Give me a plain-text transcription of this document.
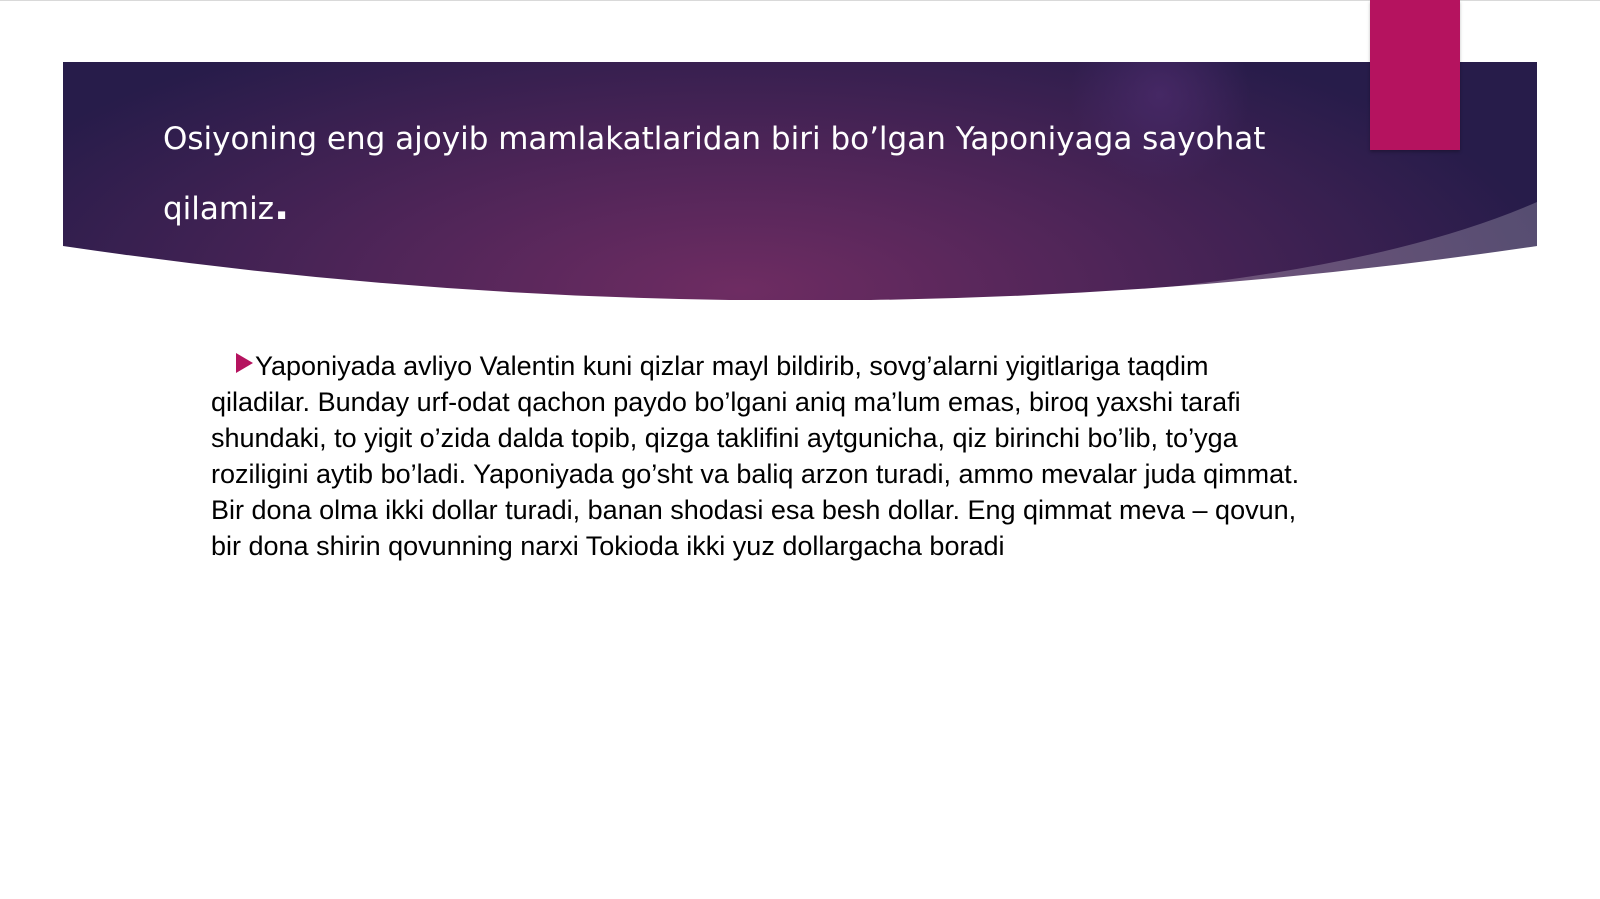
Osiyoning eng ajoyib mamlakatlaridan biri bo’lgan Yaponiyaga sayohat qilamiz.

Yaponiyada avliyo Valentin kuni qizlar mayl bildirib, sovg’alarni yigitlariga taqdim qiladilar. Bunday urf-odat qachon paydo bo’lgani aniq ma’lum emas, biroq yaxshi tarafi shundaki, to yigit o’zida dalda topib, qizga taklifini aytgunicha, qiz birinchi bo’lib, to’yga roziligini aytib bo’ladi. Yaponiyada go’sht va baliq arzon turadi, ammo mevalar juda qimmat. Bir dona olma ikki dollar turadi, banan shodasi esa besh dollar. Eng qimmat meva – qovun, bir dona shirin qovunning narxi Tokioda ikki yuz dollargacha boradi
